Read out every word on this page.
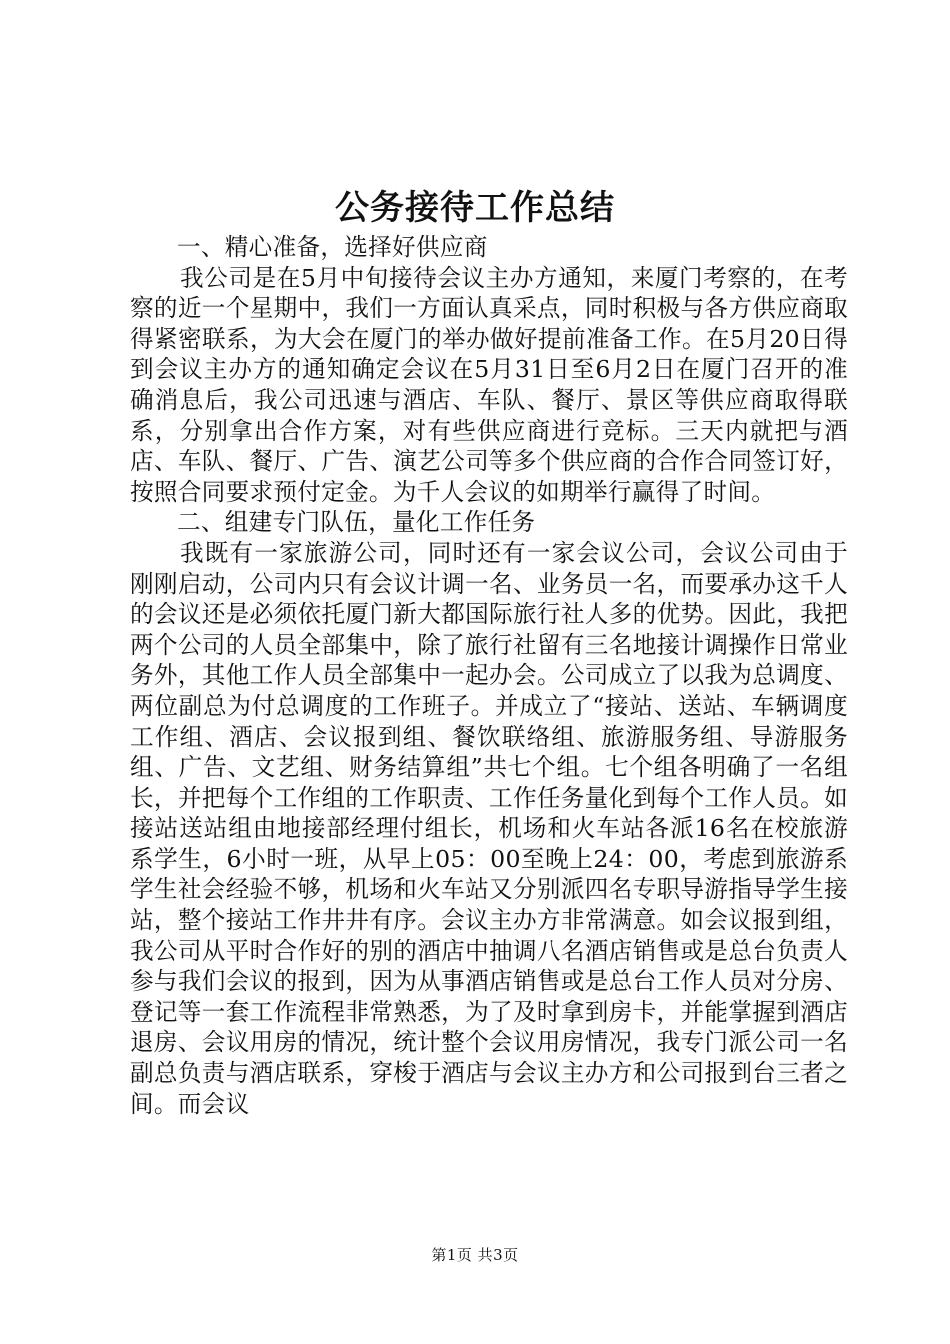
公务接待工作总结

一、精心准备，选择好供应商

我公司是在5月中旬接待会议主办方通知，来厦门考察的，在考察的近一个星期中，我们一方面认真采点，同时积极与各方供应商取得紧密联系，为大会在厦门的举办做好提前准备工作。在5月20日得到会议主办方的通知确定会议在5月31日至6月2日在厦门召开的准确消息后，我公司迅速与酒店、车队、餐厅、景区等供应商取得联系，分别拿出合作方案，对有些供应商进行竞标。三天内就把与酒店、车队、餐厅、广告、演艺公司等多个供应商的合作合同签订好，按照合同要求预付定金。为千人会议的如期举行赢得了时间。

二、组建专门队伍，量化工作任务

我既有一家旅游公司，同时还有一家会议公司，会议公司由于刚刚启动，公司内只有会议计调一名、业务员一名，而要承办这千人的会议还是必须依托厦门新大都国际旅行社人多的优势。因此，我把两个公司的人员全部集中，除了旅行社留有三名地接计调操作日常业务外，其他工作人员全部集中一起办会。公司成立了以我为总调度、两位副总为付总调度的工作班子。并成立了“接站、送站、车辆调度工作组、酒店、会议报到组、餐饮联络组、旅游服务组、导游服务组、广告、文艺组、财务结算组”共七个组。七个组各明确了一名组长，并把每个工作组的工作职责、工作任务量化到每个工作人员。如接站送站组由地接部经理付组长，机场和火车站各派16名在校旅游系学生，6小时一班，从早上05：00至晚上24：00，考虑到旅游系学生社会经验不够，机场和火车站又分别派四名专职导游指导学生接站，整个接站工作井井有序。会议主办方非常满意。如会议报到组，我公司从平时合作好的别的酒店中抽调八名酒店销售或是总台负责人参与我们会议的报到，因为从事酒店销售或是总台工作人员对分房、登记等一套工作流程非常熟悉，为了及时拿到房卡，并能掌握到酒店退房、会议用房的情况，统计整个会议用房情况，我专门派公司一名副总负责与酒店联系，穿梭于酒店与会议主办方和公司报到台三者之间。而会议

第1页 共3页
